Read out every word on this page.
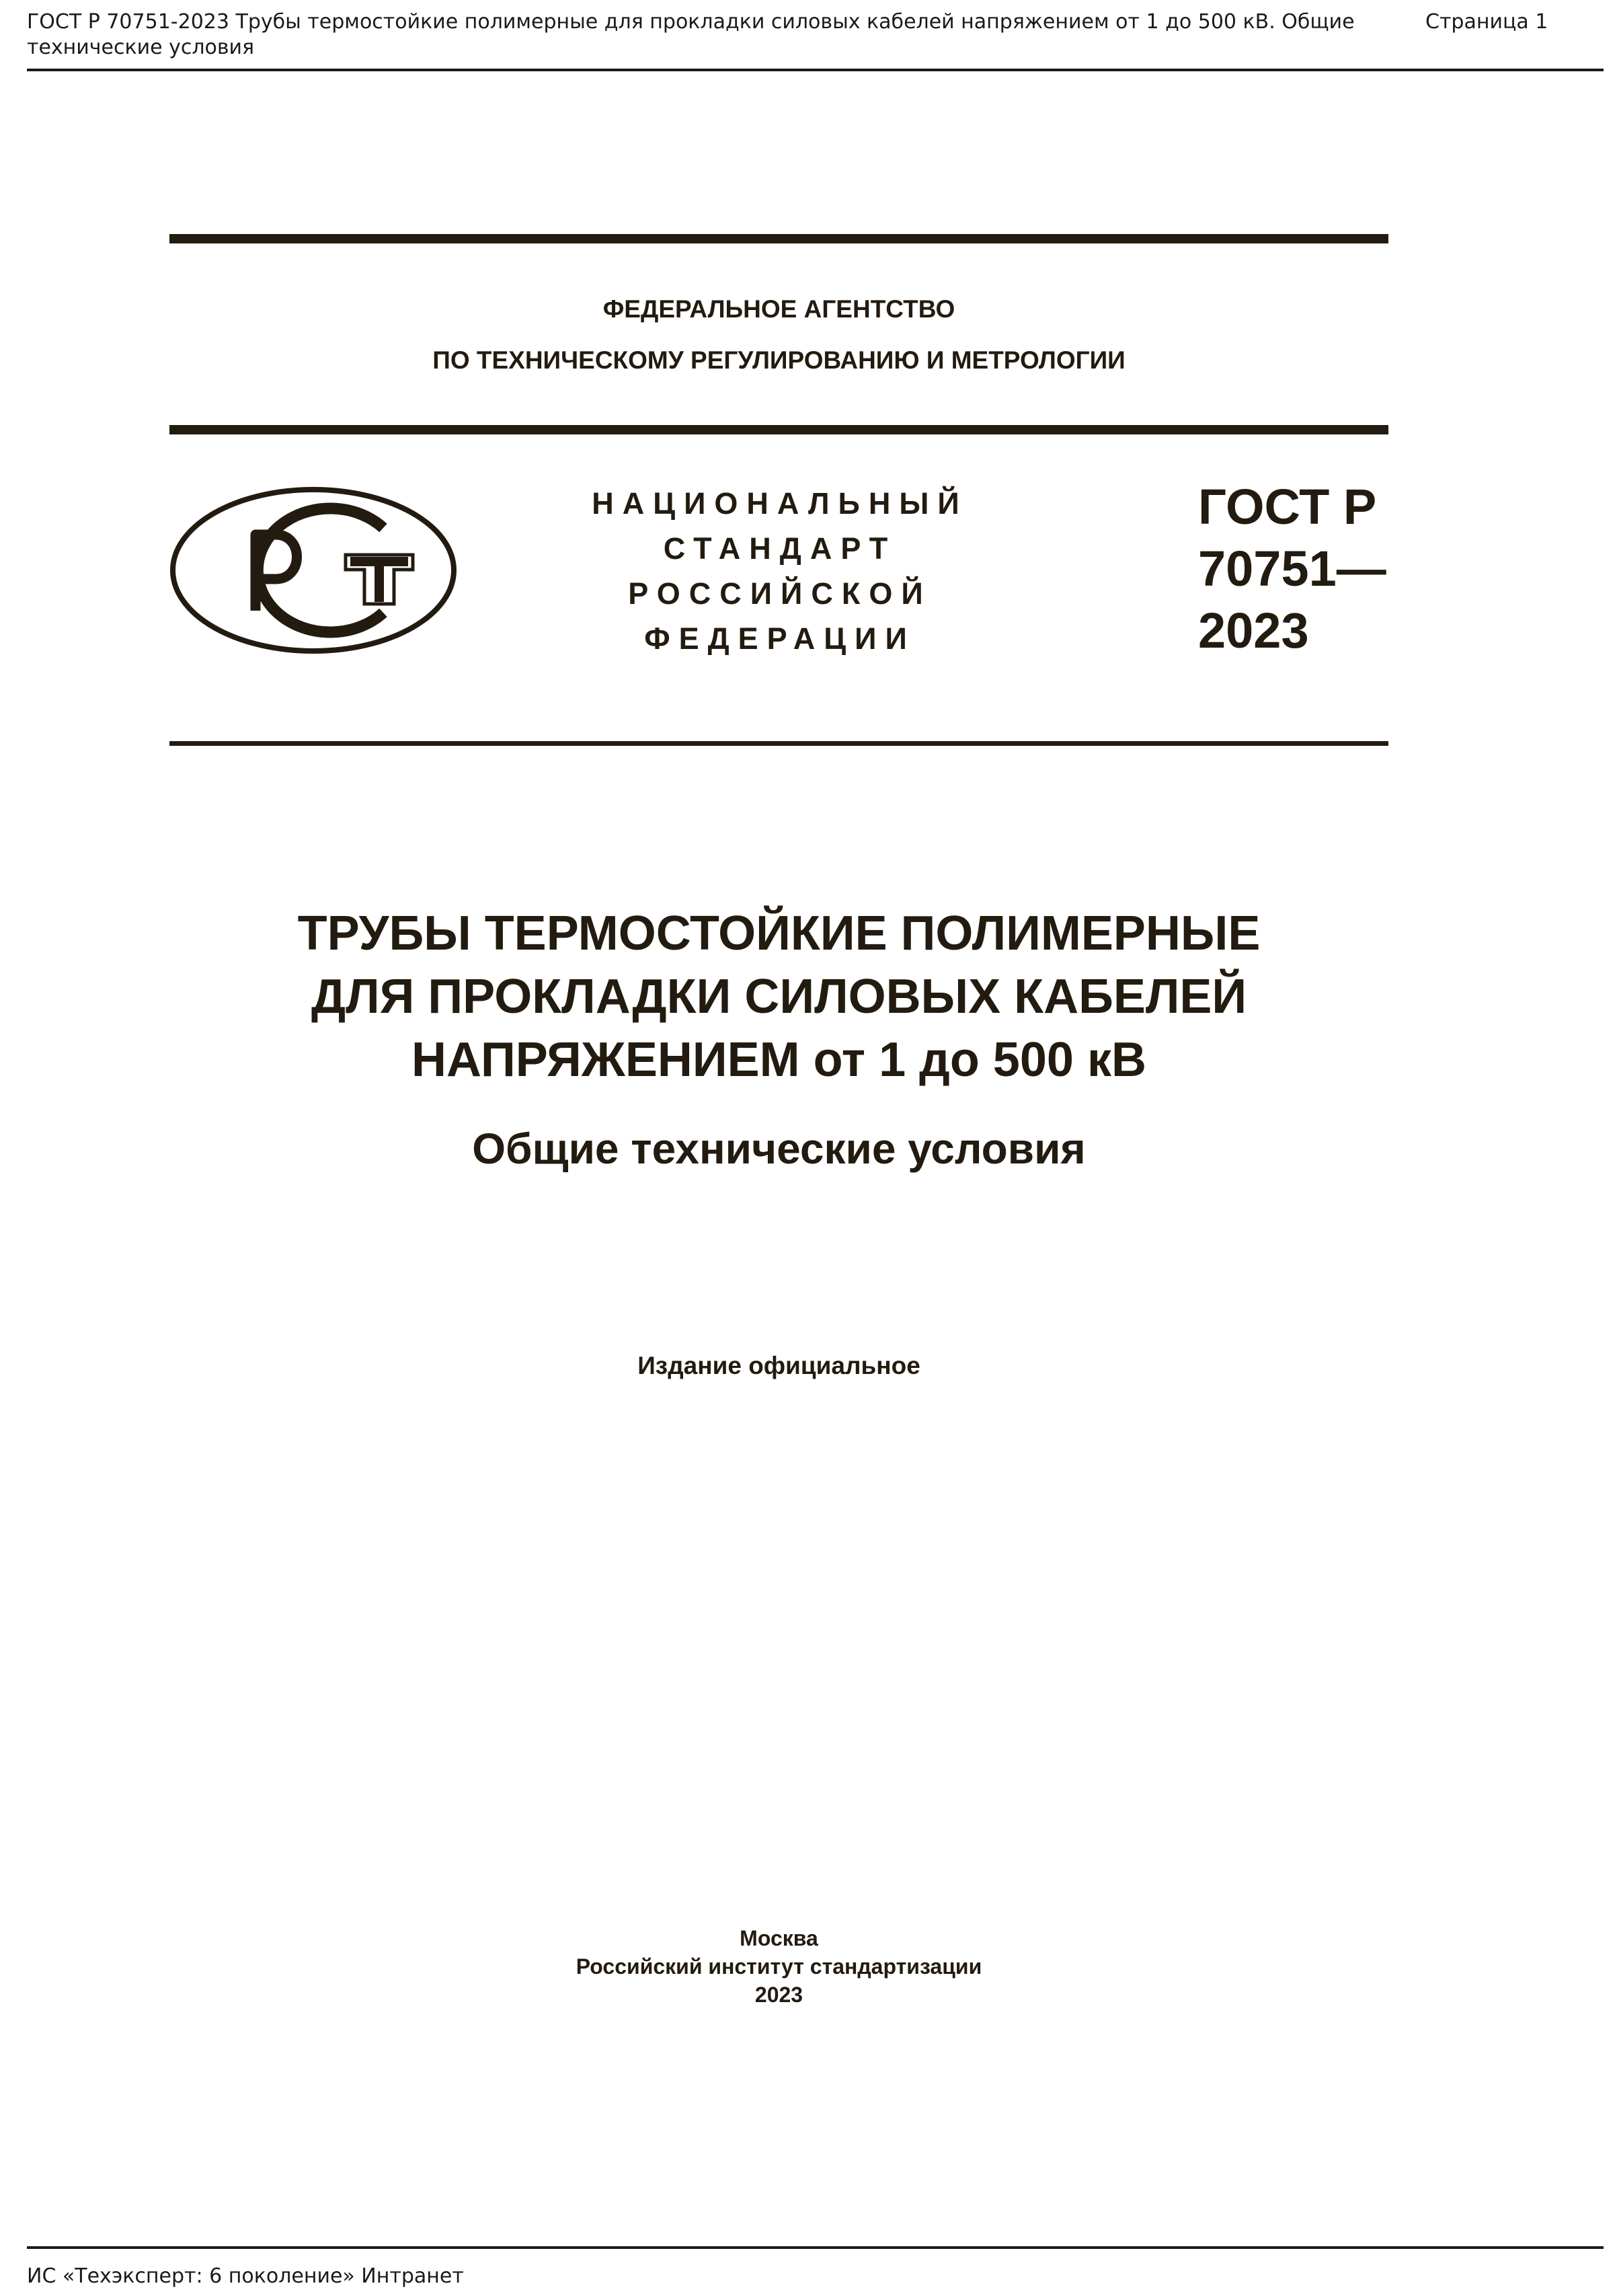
ГОСТ Р 70751-2023 Трубы термостойкие полимерные для прокладки силовых кабелей напряжением от 1 до 500 кВ. Общие технические условия
Страница 1
ФЕДЕРАЛЬНОЕ АГЕНТСТВО
ПО ТЕХНИЧЕСКОМУ РЕГУЛИРОВАНИЮ И МЕТРОЛОГИИ
НАЦИОНАЛЬНЫЙ
СТАНДАРТ
РОССИЙСКОЙ
ФЕДЕРАЦИИ
ГОСТ Р
70751—
2023
ТРУБЫ ТЕРМОСТОЙКИЕ ПОЛИМЕРНЫЕ
ДЛЯ ПРОКЛАДКИ СИЛОВЫХ КАБЕЛЕЙ
НАПРЯЖЕНИЕМ от 1 до 500 кВ
Общие технические условия
Издание официальное
Москва
Российский институт стандартизации
2023
ИС «Техэксперт: 6 поколение» Интранет
